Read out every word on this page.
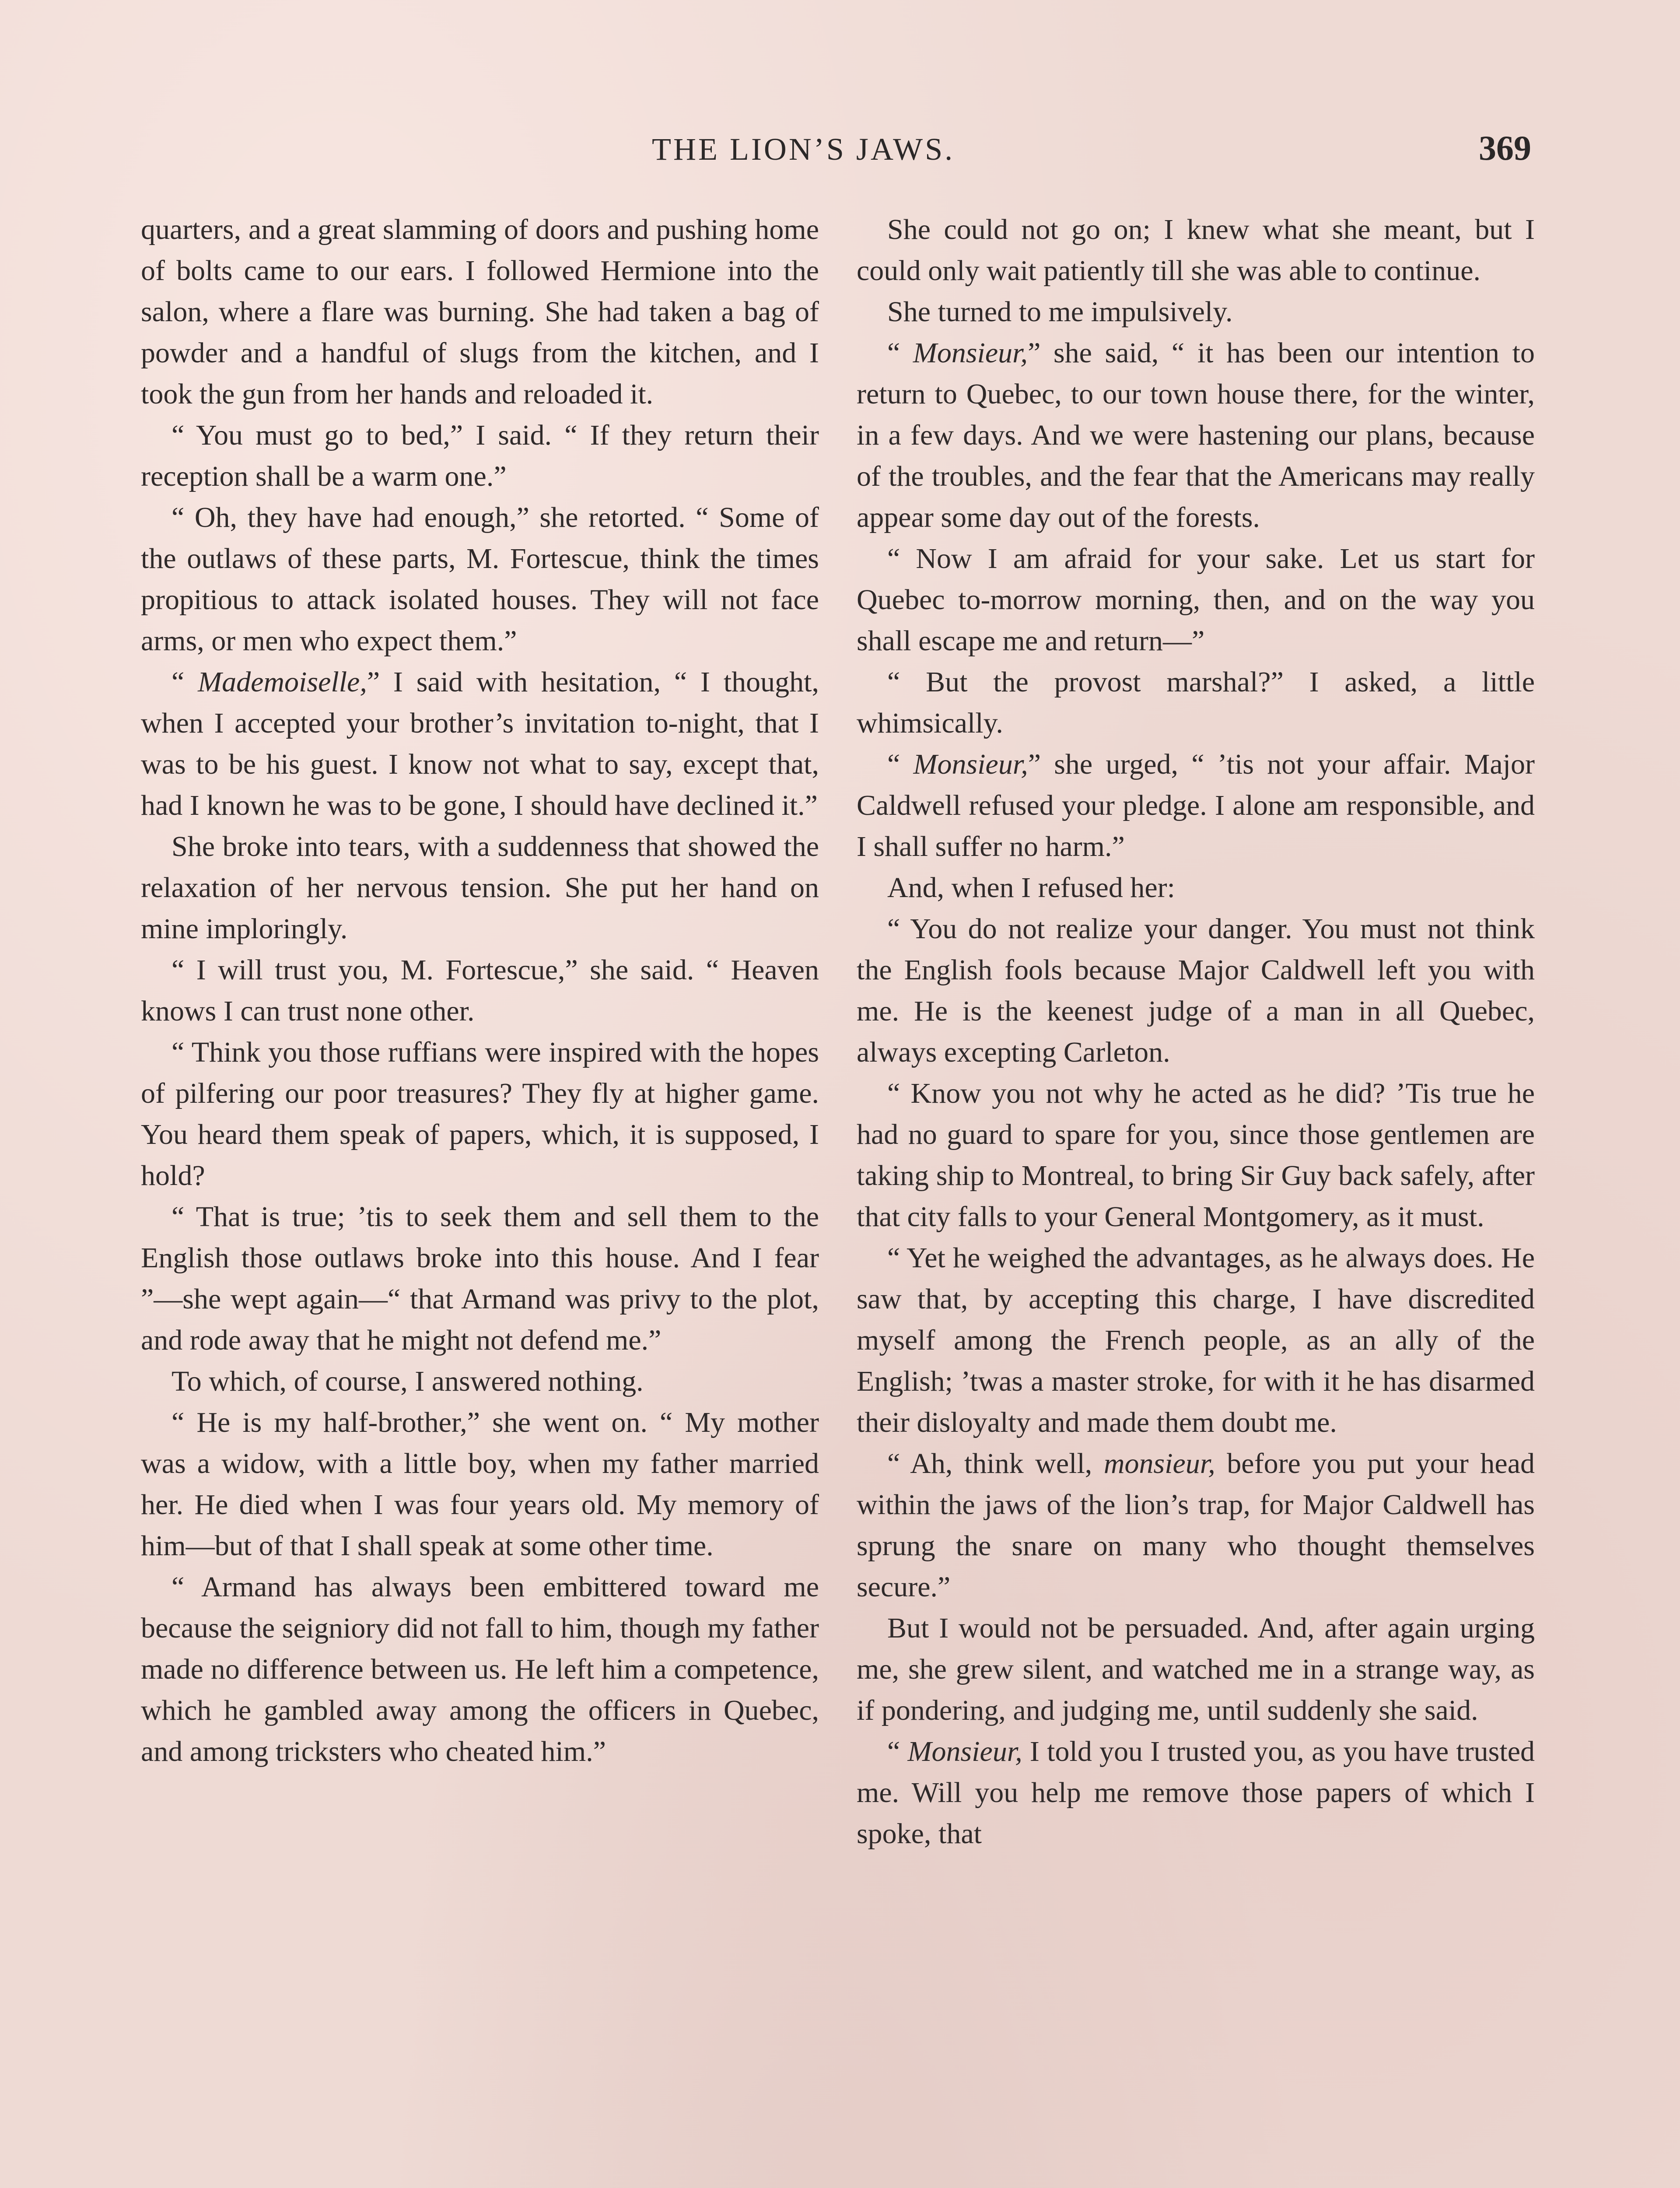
THE LION’S JAWS.	369

quarters, and a great slamming of doors and pushing home of bolts came to our ears. I followed Hermione into the salon, where a flare was burning. She had taken a bag of powder and a handful of slugs from the kitchen, and I took the gun from her hands and reloaded it.

“ You must go to bed,” I said. “ If they return their reception shall be a warm one.”

“ Oh, they have had enough,” she retorted. “ Some of the outlaws of these parts, M. Fortescue, think the times propitious to attack isolated houses. They will not face arms, or men who expect them.”

“ Mademoiselle,” I said with hesitation, “ I thought, when I accepted your brother’s invitation to-night, that I was to be his guest. I know not what to say, except that, had I known he was to be gone, I should have declined it.”

She broke into tears, with a suddenness that showed the relaxation of her nervous tension. She put her hand on mine imploringly.

“ I will trust you, M. Fortescue,” she said. “ Heaven knows I can trust none other.

“ Think you those ruffians were inspired with the hopes of pilfering our poor treasures? They fly at higher game. You heard them speak of papers, which, it is supposed, I hold?

“ That is true; ’tis to seek them and sell them to the English those outlaws broke into this house. And I fear ”—she wept again—“ that Armand was privy to the plot, and rode away that he might not defend me.”

To which, of course, I answered nothing.

“ He is my half-brother,” she went on. “ My mother was a widow, with a little boy, when my father married her. He died when I was four years old. My memory of him—but of that I shall speak at some other time.

“ Armand has always been embittered toward me because the seigniory did not fall to him, though my father made no difference between us. He left him a competence, which he gambled away among the officers in Quebec, and among tricksters who cheated him.”

She could not go on; I knew what she meant, but I could only wait patiently till she was able to continue.

She turned to me impulsively.

“ Monsieur,” she said, “ it has been our intention to return to Quebec, to our town house there, for the winter, in a few days. And we were hastening our plans, because of the troubles, and the fear that the Americans may really appear some day out of the forests.

“ Now I am afraid for your sake. Let us start for Quebec to-morrow morning, then, and on the way you shall escape me and return—”

“ But the provost marshal?” I asked, a little whimsically.

“ Monsieur,” she urged, “ ’tis not your affair. Major Caldwell refused your pledge. I alone am responsible, and I shall suffer no harm.”

And, when I refused her:

“ You do not realize your danger. You must not think the English fools because Major Caldwell left you with me. He is the keenest judge of a man in all Quebec, always excepting Carleton.

“ Know you not why he acted as he did? ’Tis true he had no guard to spare for you, since those gentlemen are taking ship to Montreal, to bring Sir Guy back safely, after that city falls to your General Montgomery, as it must.

“ Yet he weighed the advantages, as he always does. He saw that, by accepting this charge, I have discredited myself among the French people, as an ally of the English; ’twas a master stroke, for with it he has disarmed their disloyalty and made them doubt me.

“ Ah, think well, monsieur, before you put your head within the jaws of the lion’s trap, for Major Caldwell has sprung the snare on many who thought themselves secure.”

But I would not be persuaded. And, after again urging me, she grew silent, and watched me in a strange way, as if pondering, and judging me, until suddenly she said.

“ Monsieur, I told you I trusted you, as you have trusted me. Will you help me remove those papers of which I spoke, that
